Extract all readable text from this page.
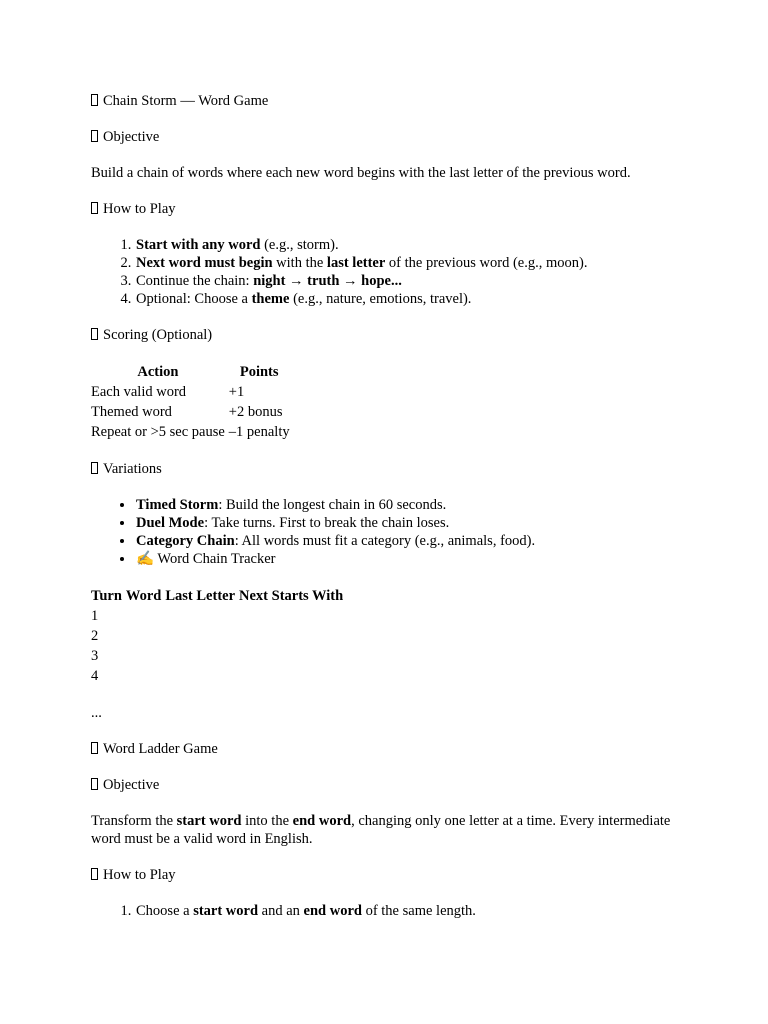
Chain Storm — Word Game
Objective
Build a chain of words where each new word begins with the last letter of the previous word.
How to Play
1. Start with any word (e.g., storm).
2. Next word must begin with the last letter of the previous word (e.g., moon).
3. Continue the chain: night → truth → hope...
4. Optional: Choose a theme (e.g., nature, emotions, travel).
Scoring (Optional)
Action	Points
Each valid word	+1
Themed word	+2 bonus
Repeat or >5 sec pause	–1 penalty
Variations
• Timed Storm: Build the longest chain in 60 seconds.
• Duel Mode: Take turns. First to break the chain loses.
• Category Chain: All words must fit a category (e.g., animals, food).
• ✍ Word Chain Tracker
Turn	Word	Last Letter	Next Starts With
1			
2			
3			
4			
...
Word Ladder Game
Objective
Transform the start word into the end word, changing only one letter at a time. Every intermediate word must be a valid word in English.
How to Play
1. Choose a start word and an end word of the same length.
